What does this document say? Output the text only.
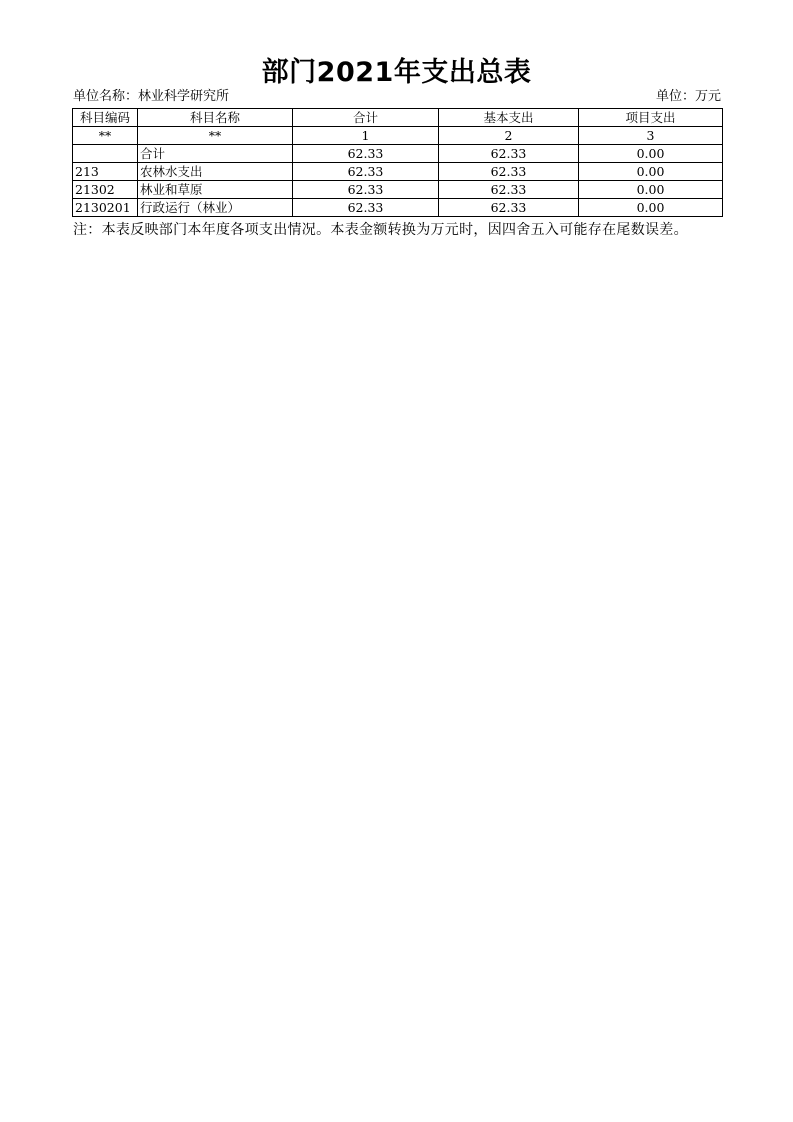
部门2021年支出总表
单位名称：林业科学研究所	单位：万元
科目编码	科目名称	合计	基本支出	项目支出
**	**	1	2	3
	合计	62.33	62.33	0.00
213	农林水支出	62.33	62.33	0.00
21302	林业和草原	62.33	62.33	0.00
2130201	行政运行（林业）	62.33	62.33	0.00
注：本表反映部门本年度各项支出情况。本表金额转换为万元时，因四舍五入可能存在尾数误差。
